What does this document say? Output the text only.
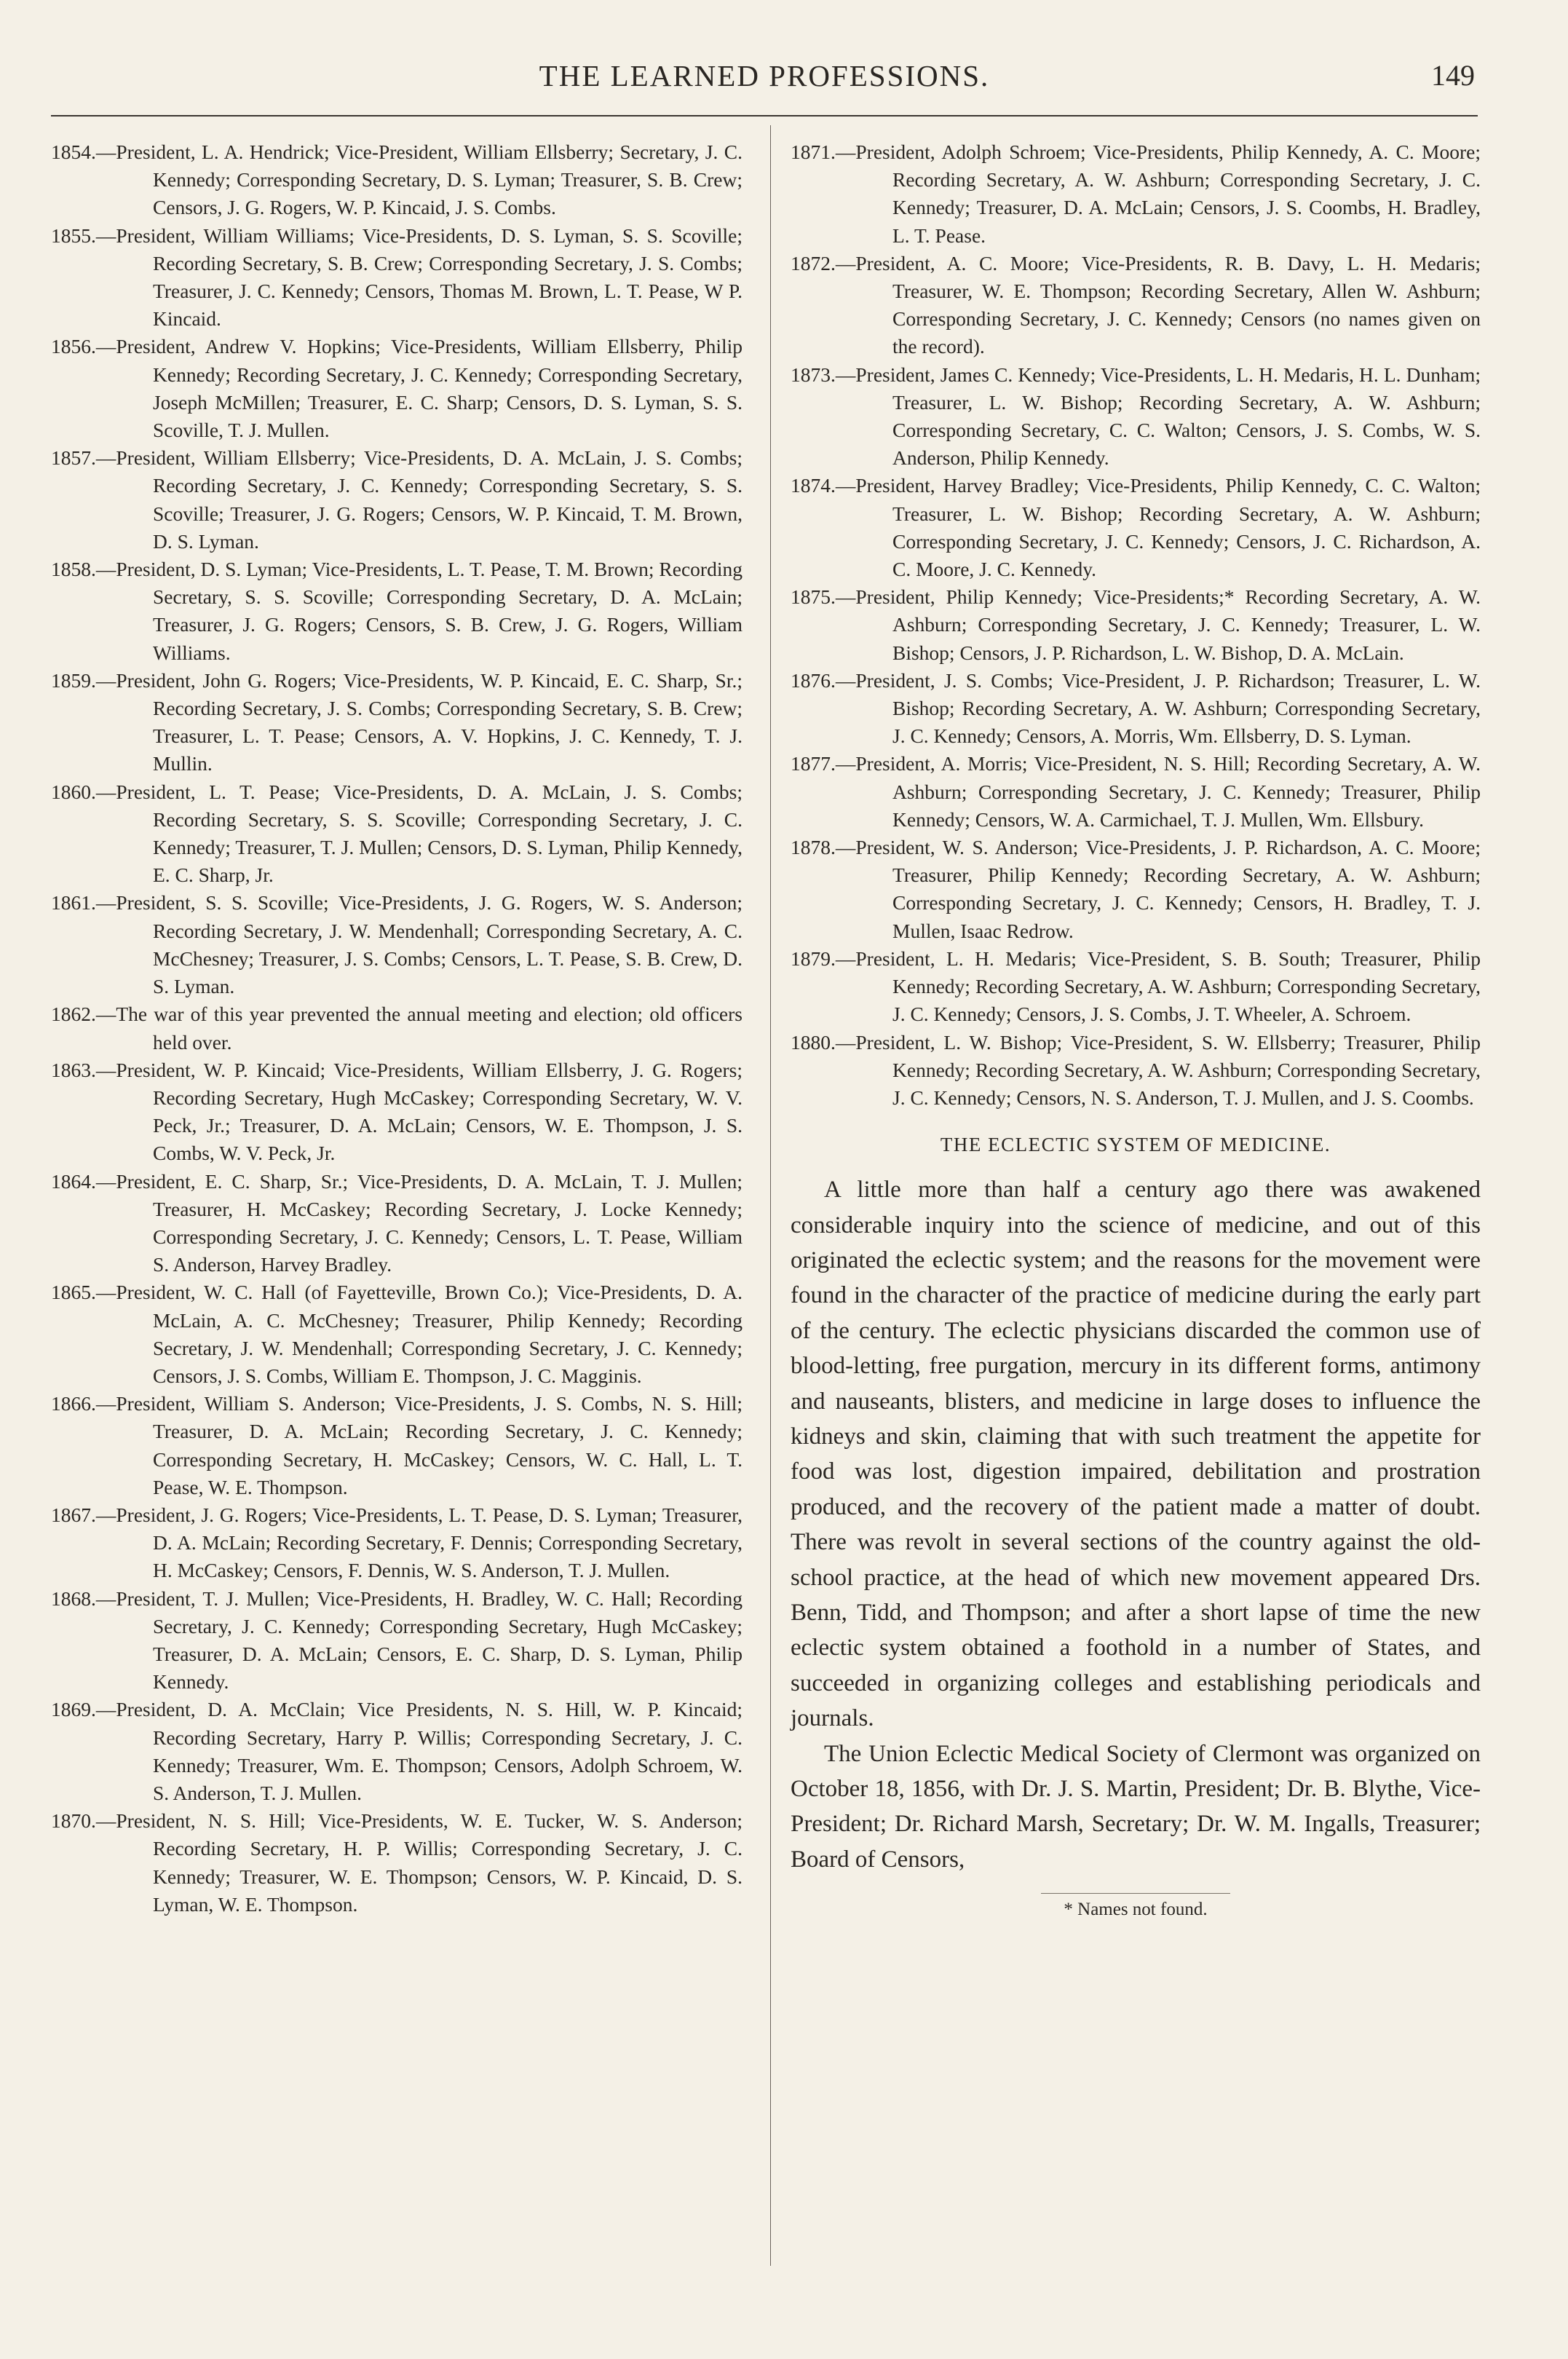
THE LEARNED PROFESSIONS.	149

1854.—President, L. A. Hendrick; Vice-President, William Ellsberry; Secretary, J. C. Kennedy; Corresponding Secretary, D. S. Lyman; Treasurer, S. B. Crew; Censors, J. G. Rogers, W. P. Kincaid, J. S. Combs.

1855.—President, William Williams; Vice-Presidents, D. S. Lyman, S. S. Scoville; Recording Secretary, S. B. Crew; Corresponding Secretary, J. S. Combs; Treasurer, J. C. Kennedy; Censors, Thomas M. Brown, L. T. Pease, W P. Kincaid.

1856.—President, Andrew V. Hopkins; Vice-Presidents, William Ellsberry, Philip Kennedy; Recording Secretary, J. C. Kennedy; Corresponding Secretary, Joseph McMillen; Treasurer, E. C. Sharp; Censors, D. S. Lyman, S. S. Scoville, T. J. Mullen.

1857.—President, William Ellsberry; Vice-Presidents, D. A. McLain, J. S. Combs; Recording Secretary, J. C. Kennedy; Corresponding Secretary, S. S. Scoville; Treasurer, J. G. Rogers; Censors, W. P. Kincaid, T. M. Brown, D. S. Lyman.

1858.—President, D. S. Lyman; Vice-Presidents, L. T. Pease, T. M. Brown; Recording Secretary, S. S. Scoville; Corresponding Secretary, D. A. McLain; Treasurer, J. G. Rogers; Censors, S. B. Crew, J. G. Rogers, William Williams.

1859.—President, John G. Rogers; Vice-Presidents, W. P. Kincaid, E. C. Sharp, Sr.; Recording Secretary, J. S. Combs; Corresponding Secretary, S. B. Crew; Treasurer, L. T. Pease; Censors, A. V. Hopkins, J. C. Kennedy, T. J. Mullin.

1860.—President, L. T. Pease; Vice-Presidents, D. A. McLain, J. S. Combs; Recording Secretary, S. S. Scoville; Corresponding Secretary, J. C. Kennedy; Treasurer, T. J. Mullen; Censors, D. S. Lyman, Philip Kennedy, E. C. Sharp, Jr.

1861.—President, S. S. Scoville; Vice-Presidents, J. G. Rogers, W. S. Anderson; Recording Secretary, J. W. Mendenhall; Corresponding Secretary, A. C. McChesney; Treasurer, J. S. Combs; Censors, L. T. Pease, S. B. Crew, D. S. Lyman.

1862.—The war of this year prevented the annual meeting and election; old officers held over.

1863.—President, W. P. Kincaid; Vice-Presidents, William Ellsberry, J. G. Rogers; Recording Secretary, Hugh McCaskey; Corresponding Secretary, W. V. Peck, Jr.; Treasurer, D. A. McLain; Censors, W. E. Thompson, J. S. Combs, W. V. Peck, Jr.

1864.—President, E. C. Sharp, Sr.; Vice-Presidents, D. A. McLain, T. J. Mullen; Treasurer, H. McCaskey; Recording Secretary, J. Locke Kennedy; Corresponding Secretary, J. C. Kennedy; Censors, L. T. Pease, William S. Anderson, Harvey Bradley.

1865.—President, W. C. Hall (of Fayetteville, Brown Co.); Vice-Presidents, D. A. McLain, A. C. McChesney; Treasurer, Philip Kennedy; Recording Secretary, J. W. Mendenhall; Corresponding Secretary, J. C. Kennedy; Censors, J. S. Combs, William E. Thompson, J. C. Magginis.

1866.—President, William S. Anderson; Vice-Presidents, J. S. Combs, N. S. Hill; Treasurer, D. A. McLain; Recording Secretary, J. C. Kennedy; Corresponding Secretary, H. McCaskey; Censors, W. C. Hall, L. T. Pease, W. E. Thompson.

1867.—President, J. G. Rogers; Vice-Presidents, L. T. Pease, D. S. Lyman; Treasurer, D. A. McLain; Recording Secretary, F. Dennis; Corresponding Secretary, H. McCaskey; Censors, F. Dennis, W. S. Anderson, T. J. Mullen.

1868.—President, T. J. Mullen; Vice-Presidents, H. Bradley, W. C. Hall; Recording Secretary, J. C. Kennedy; Corresponding Secretary, Hugh McCaskey; Treasurer, D. A. McLain; Censors, E. C. Sharp, D. S. Lyman, Philip Kennedy.

1869.—President, D. A. McClain; Vice Presidents, N. S. Hill, W. P. Kincaid; Recording Secretary, Harry P. Willis; Corresponding Secretary, J. C. Kennedy; Treasurer, Wm. E. Thompson; Censors, Adolph Schroem, W. S. Anderson, T. J. Mullen.

1870.—President, N. S. Hill; Vice-Presidents, W. E. Tucker, W. S. Anderson; Recording Secretary, H. P. Willis; Corresponding Secretary, J. C. Kennedy; Treasurer, W. E. Thompson; Censors, W. P. Kincaid, D. S. Lyman, W. E. Thompson.

1871.—President, Adolph Schroem; Vice-Presidents, Philip Kennedy, A. C. Moore; Recording Secretary, A. W. Ashburn; Corresponding Secretary, J. C. Kennedy; Treasurer, D. A. McLain; Censors, J. S. Coombs, H. Bradley, L. T. Pease.

1872.—President, A. C. Moore; Vice-Presidents, R. B. Davy, L. H. Medaris; Treasurer, W. E. Thompson; Recording Secretary, Allen W. Ashburn; Corresponding Secretary, J. C. Kennedy; Censors (no names given on the record).

1873.—President, James C. Kennedy; Vice-Presidents, L. H. Medaris, H. L. Dunham; Treasurer, L. W. Bishop; Recording Secretary, A. W. Ashburn; Corresponding Secretary, C. C. Walton; Censors, J. S. Combs, W. S. Anderson, Philip Kennedy.

1874.—President, Harvey Bradley; Vice-Presidents, Philip Kennedy, C. C. Walton; Treasurer, L. W. Bishop; Recording Secretary, A. W. Ashburn; Corresponding Secretary, J. C. Kennedy; Censors, J. C. Richardson, A. C. Moore, J. C. Kennedy.

1875.—President, Philip Kennedy; Vice-Presidents;* Recording Secretary, A. W. Ashburn; Corresponding Secretary, J. C. Kennedy; Treasurer, L. W. Bishop; Censors, J. P. Richardson, L. W. Bishop, D. A. McLain.

1876.—President, J. S. Combs; Vice-President, J. P. Richardson; Treasurer, L. W. Bishop; Recording Secretary, A. W. Ashburn; Corresponding Secretary, J. C. Kennedy; Censors, A. Morris, Wm. Ellsberry, D. S. Lyman.

1877.—President, A. Morris; Vice-President, N. S. Hill; Recording Secretary, A. W. Ashburn; Corresponding Secretary, J. C. Kennedy; Treasurer, Philip Kennedy; Censors, W. A. Carmichael, T. J. Mullen, Wm. Ellsbury.

1878.—President, W. S. Anderson; Vice-Presidents, J. P. Richardson, A. C. Moore; Treasurer, Philip Kennedy; Recording Secretary, A. W. Ashburn; Corresponding Secretary, J. C. Kennedy; Censors, H. Bradley, T. J. Mullen, Isaac Redrow.

1879.—President, L. H. Medaris; Vice-President, S. B. South; Treasurer, Philip Kennedy; Recording Secretary, A. W. Ashburn; Corresponding Secretary, J. C. Kennedy; Censors, J. S. Combs, J. T. Wheeler, A. Schroem.

1880.—President, L. W. Bishop; Vice-President, S. W. Ellsberry; Treasurer, Philip Kennedy; Recording Secretary, A. W. Ashburn; Corresponding Secretary, J. C. Kennedy; Censors, N. S. Anderson, T. J. Mullen, and J. S. Coombs.

THE ECLECTIC SYSTEM OF MEDICINE.

A little more than half a century ago there was awakened considerable inquiry into the science of medicine, and out of this originated the eclectic system; and the reasons for the movement were found in the character of the practice of medicine during the early part of the century. The eclectic physicians discarded the common use of blood-letting, free purgation, mercury in its different forms, antimony and nauseants, blisters, and medicine in large doses to influence the kidneys and skin, claiming that with such treatment the appetite for food was lost, digestion impaired, debilitation and prostration produced, and the recovery of the patient made a matter of doubt. There was revolt in several sections of the country against the old-school practice, at the head of which new movement appeared Drs. Benn, Tidd, and Thompson; and after a short lapse of time the new eclectic system obtained a foothold in a number of States, and succeeded in organizing colleges and establishing periodicals and journals.

The Union Eclectic Medical Society of Clermont was organized on October 18, 1856, with Dr. J. S. Martin, President; Dr. B. Blythe, Vice-President; Dr. Richard Marsh, Secretary; Dr. W. M. Ingalls, Treasurer; Board of Censors,

* Names not found.
